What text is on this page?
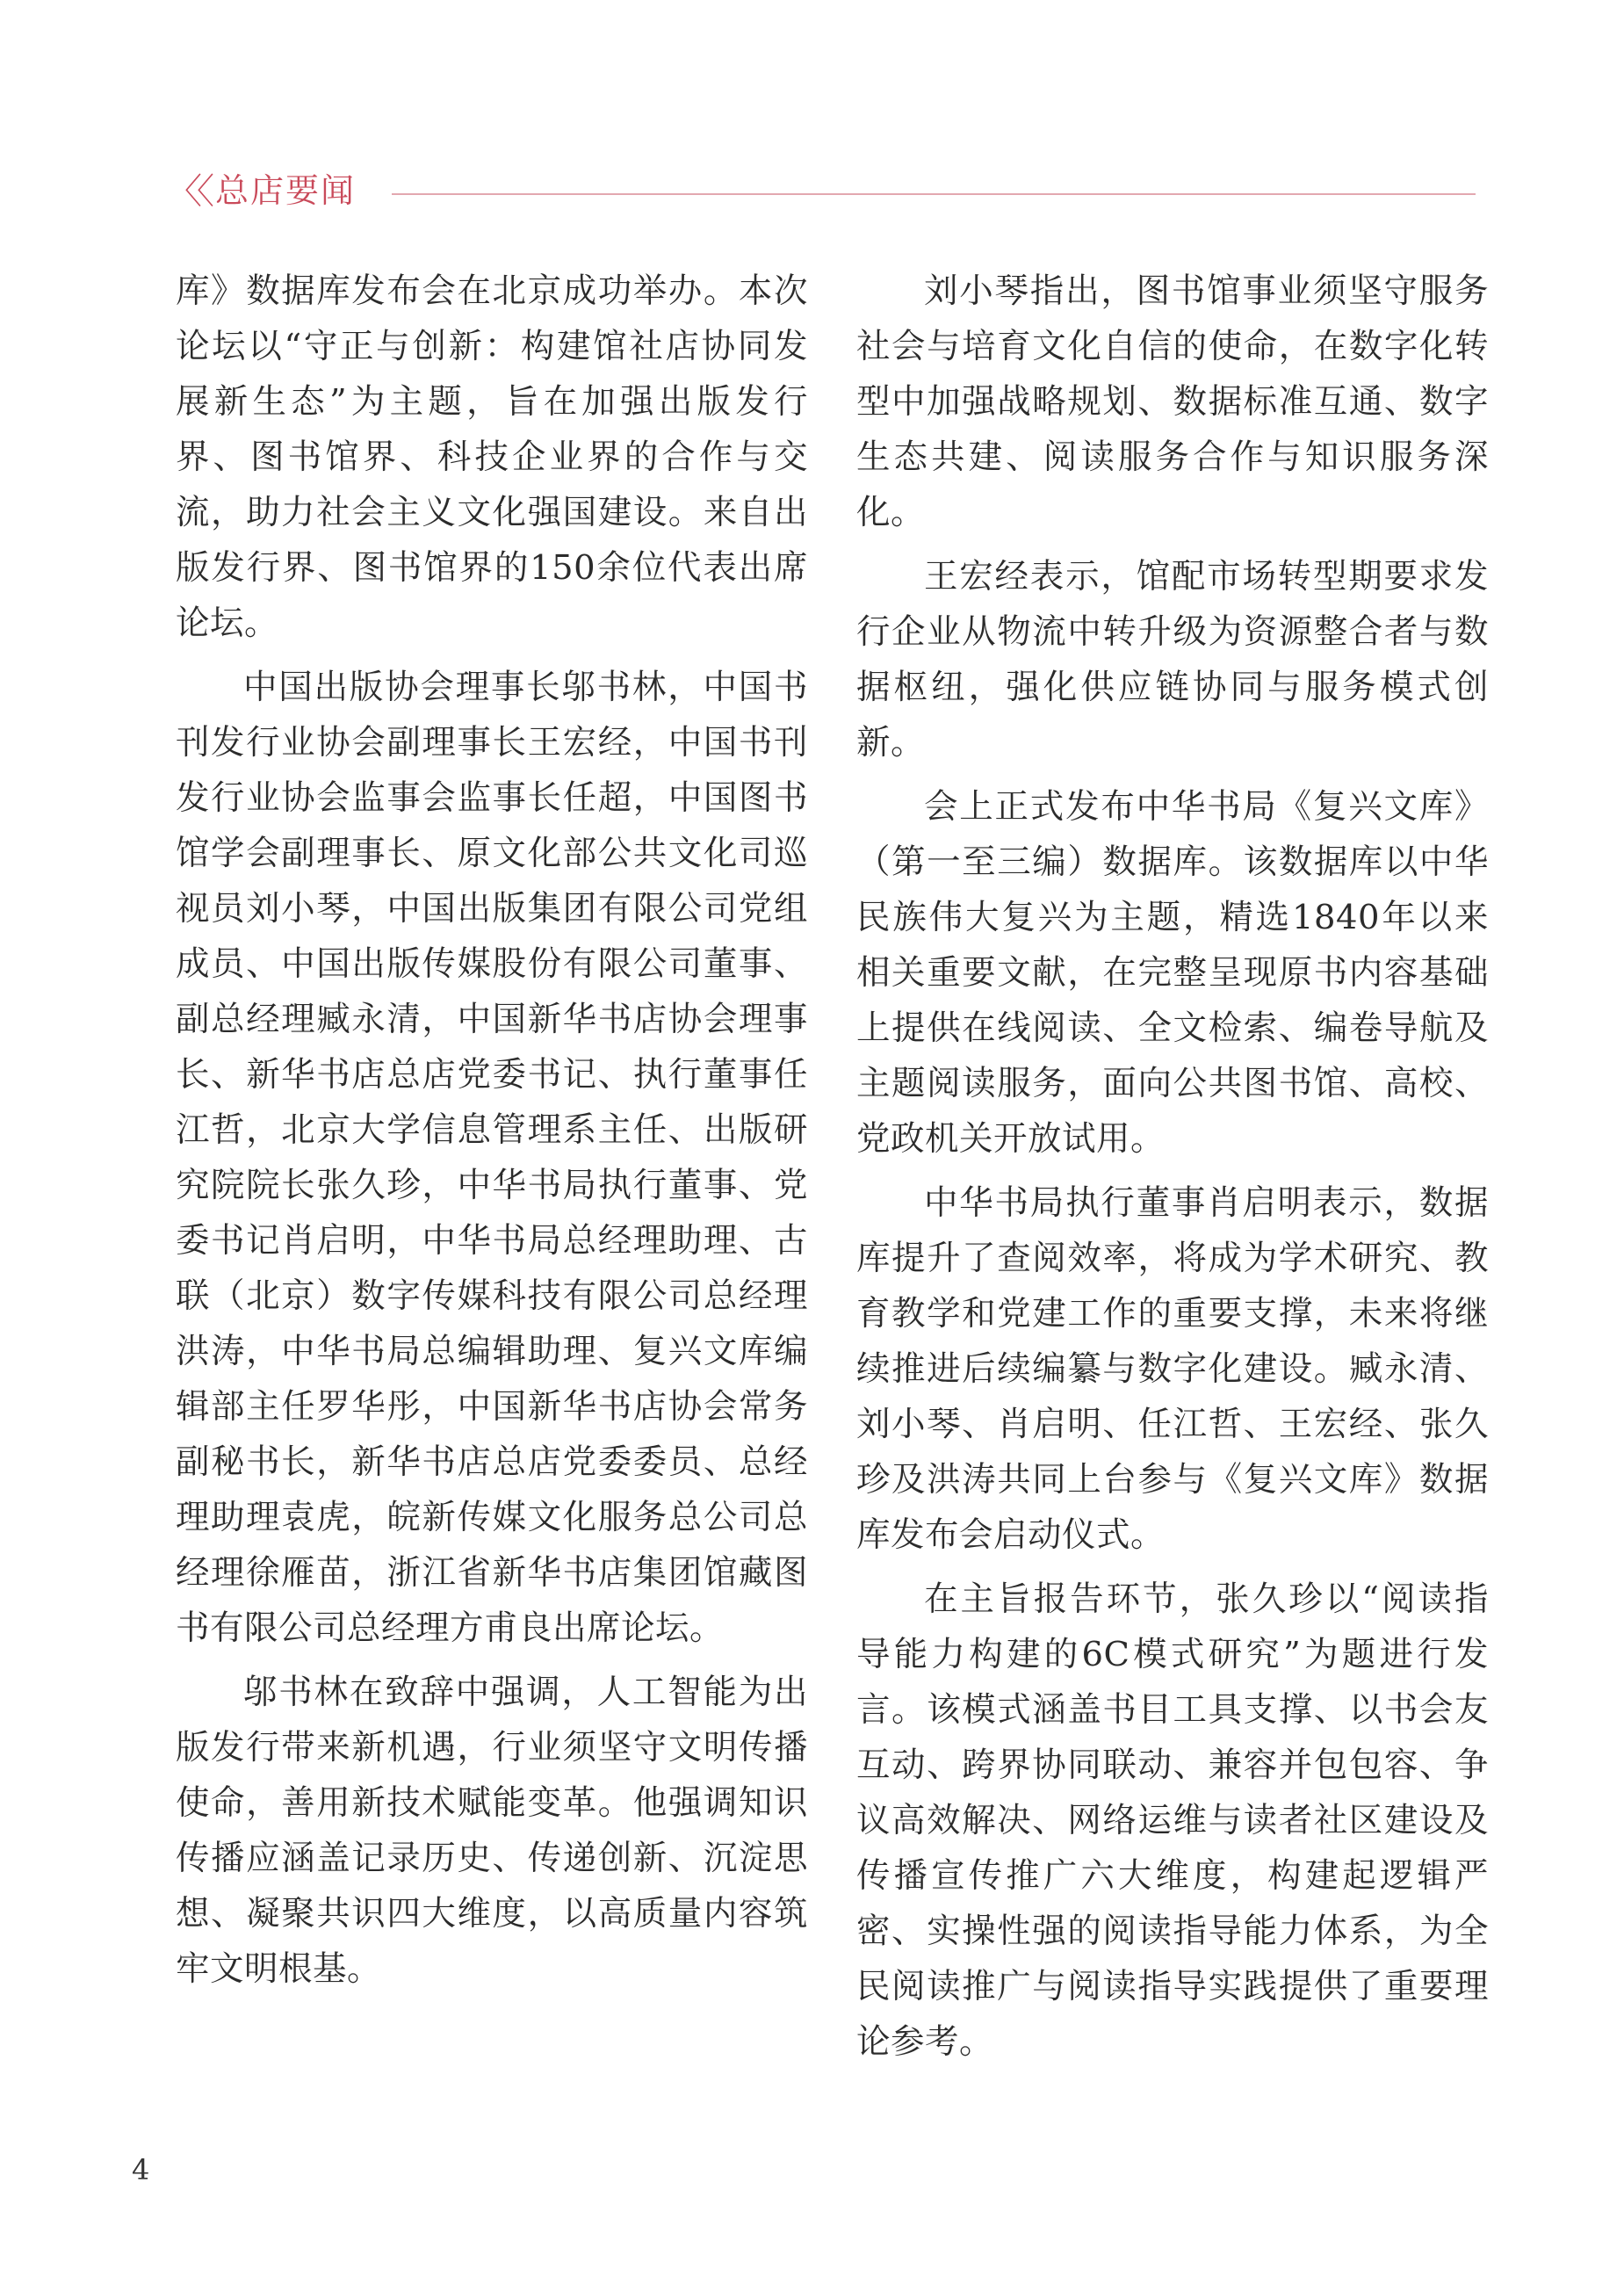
〈〈 总店要闻

库》数据库发布会在北京成功举办。本次论坛以“守正与创新：构建馆社店协同发展新生态”为主题，旨在加强出版发行界、图书馆界、科技企业界的合作与交流，助力社会主义文化强国建设。来自出版发行界、图书馆界的150余位代表出席论坛。

中国出版协会理事长邬书林，中国书刊发行业协会副理事长王宏经，中国书刊发行业协会监事会监事长任超，中国图书馆学会副理事长、原文化部公共文化司巡视员刘小琴，中国出版集团有限公司党组成员、中国出版传媒股份有限公司董事、副总经理臧永清，中国新华书店协会理事长、新华书店总店党委书记、执行董事任江哲，北京大学信息管理系主任、出版研究院院长张久珍，中华书局执行董事、党委书记肖启明，中华书局总经理助理、古联（北京）数字传媒科技有限公司总经理洪涛，中华书局总编辑助理、复兴文库编辑部主任罗华彤，中国新华书店协会常务副秘书长，新华书店总店党委委员、总经理助理袁虎，皖新传媒文化服务总公司总经理徐雁苗，浙江省新华书店集团馆藏图书有限公司总经理方甫良出席论坛。

邬书林在致辞中强调，人工智能为出版发行带来新机遇，行业须坚守文明传播使命，善用新技术赋能变革。他强调知识传播应涵盖记录历史、传递创新、沉淀思想、凝聚共识四大维度，以高质量内容筑牢文明根基。

刘小琴指出，图书馆事业须坚守服务社会与培育文化自信的使命，在数字化转型中加强战略规划、数据标准互通、数字生态共建、阅读服务合作与知识服务深化。

王宏经表示，馆配市场转型期要求发行企业从物流中转升级为资源整合者与数据枢纽，强化供应链协同与服务模式创新。

会上正式发布中华书局《复兴文库》（第一至三编）数据库。该数据库以中华民族伟大复兴为主题，精选1840年以来相关重要文献，在完整呈现原书内容基础上提供在线阅读、全文检索、编卷导航及主题阅读服务，面向公共图书馆、高校、党政机关开放试用。

中华书局执行董事肖启明表示，数据库提升了查阅效率，将成为学术研究、教育教学和党建工作的重要支撑，未来将继续推进后续编纂与数字化建设。臧永清、刘小琴、肖启明、任江哲、王宏经、张久珍及洪涛共同上台参与《复兴文库》数据库发布会启动仪式。

在主旨报告环节，张久珍以“阅读指导能力构建的6C模式研究”为题进行发言。该模式涵盖书目工具支撑、以书会友互动、跨界协同联动、兼容并包包容、争议高效解决、网络运维与读者社区建设及传播宣传推广六大维度，构建起逻辑严密、实操性强的阅读指导能力体系，为全民阅读推广与阅读指导实践提供了重要理论参考。

4
